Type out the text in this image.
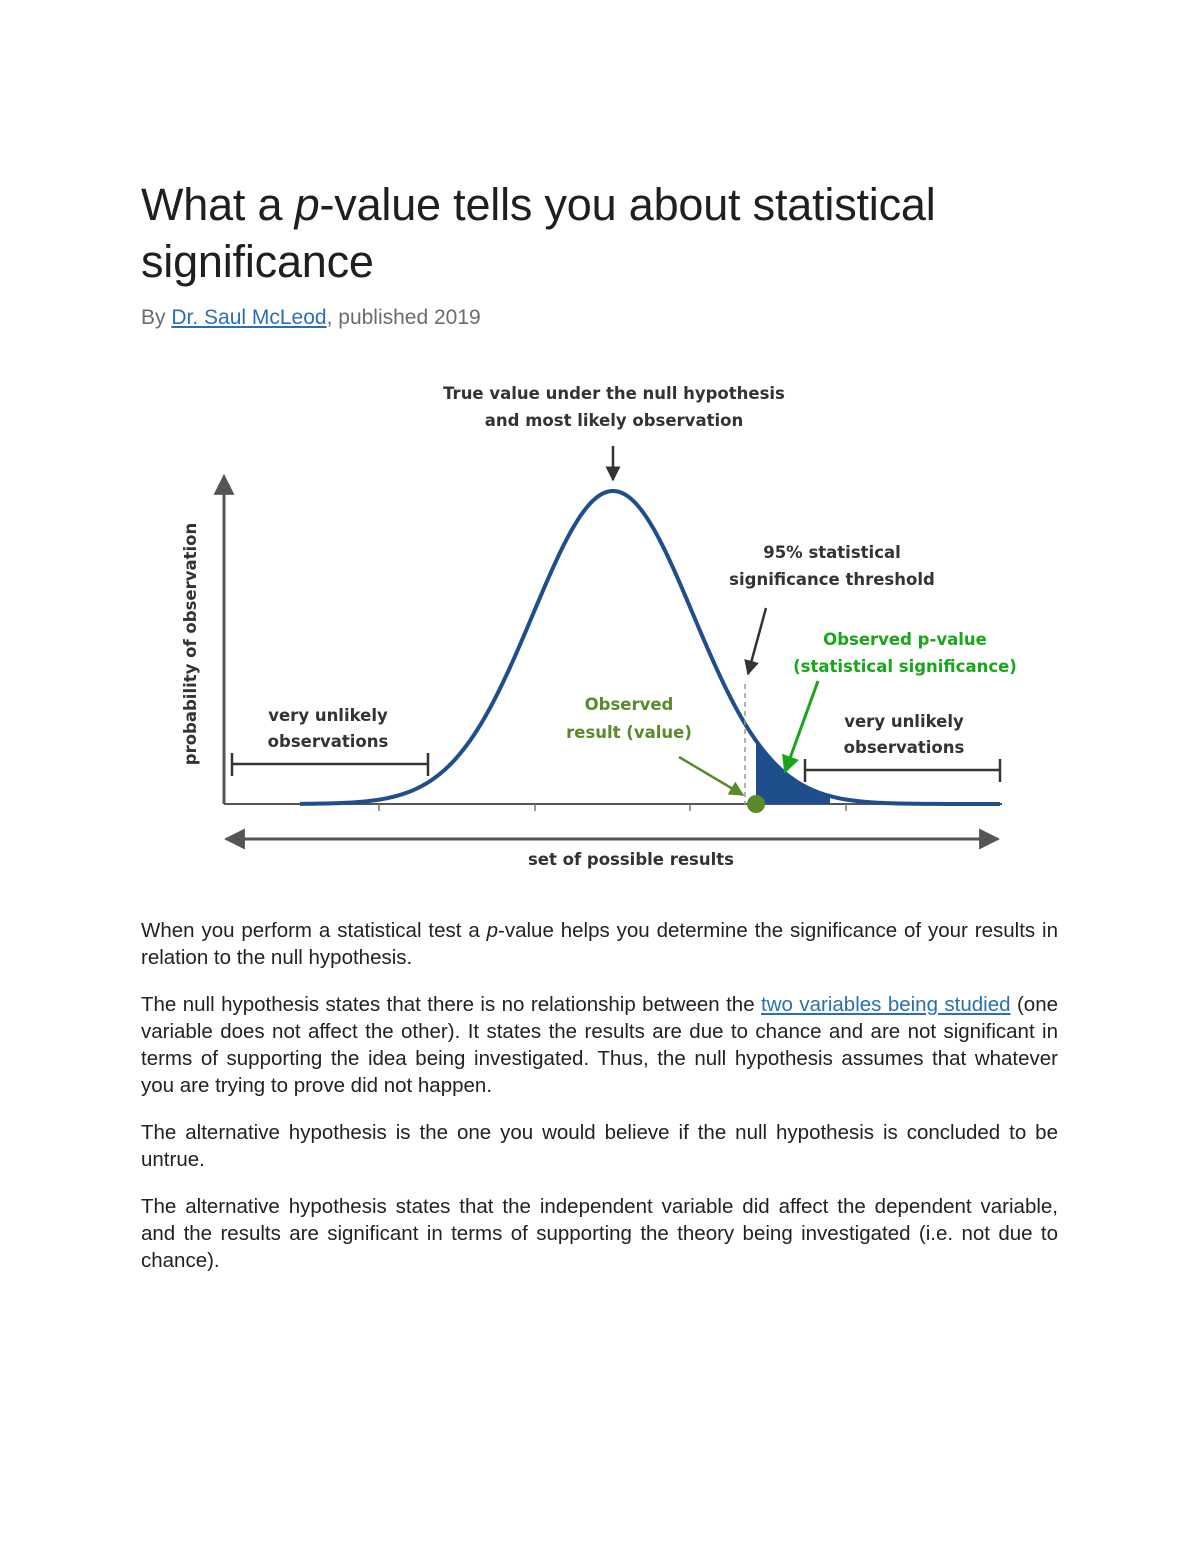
What a p-value tells you about statistical significance
By Dr. Saul McLeod, published 2019
set of possible results
probability of observation
True value under the null hypothesis
and most likely observation
very unlikely
observations
very unlikely
observations
95% statistical
significance threshold
Observed p-value
(statistical significance)
Observed
result (value)

When you perform a statistical test a p-value helps you determine the significance of your results in relation to the null hypothesis.

The null hypothesis states that there is no relationship between the two variables being studied (one variable does not affect the other). It states the results are due to chance and are not significant in terms of supporting the idea being investigated. Thus, the null hypothesis assumes that whatever you are trying to prove did not happen.

The alternative hypothesis is the one you would believe if the null hypothesis is concluded to be untrue.

The alternative hypothesis states that the independent variable did affect the dependent variable, and the results are significant in terms of supporting the theory being investigated (i.e. not due to chance).
